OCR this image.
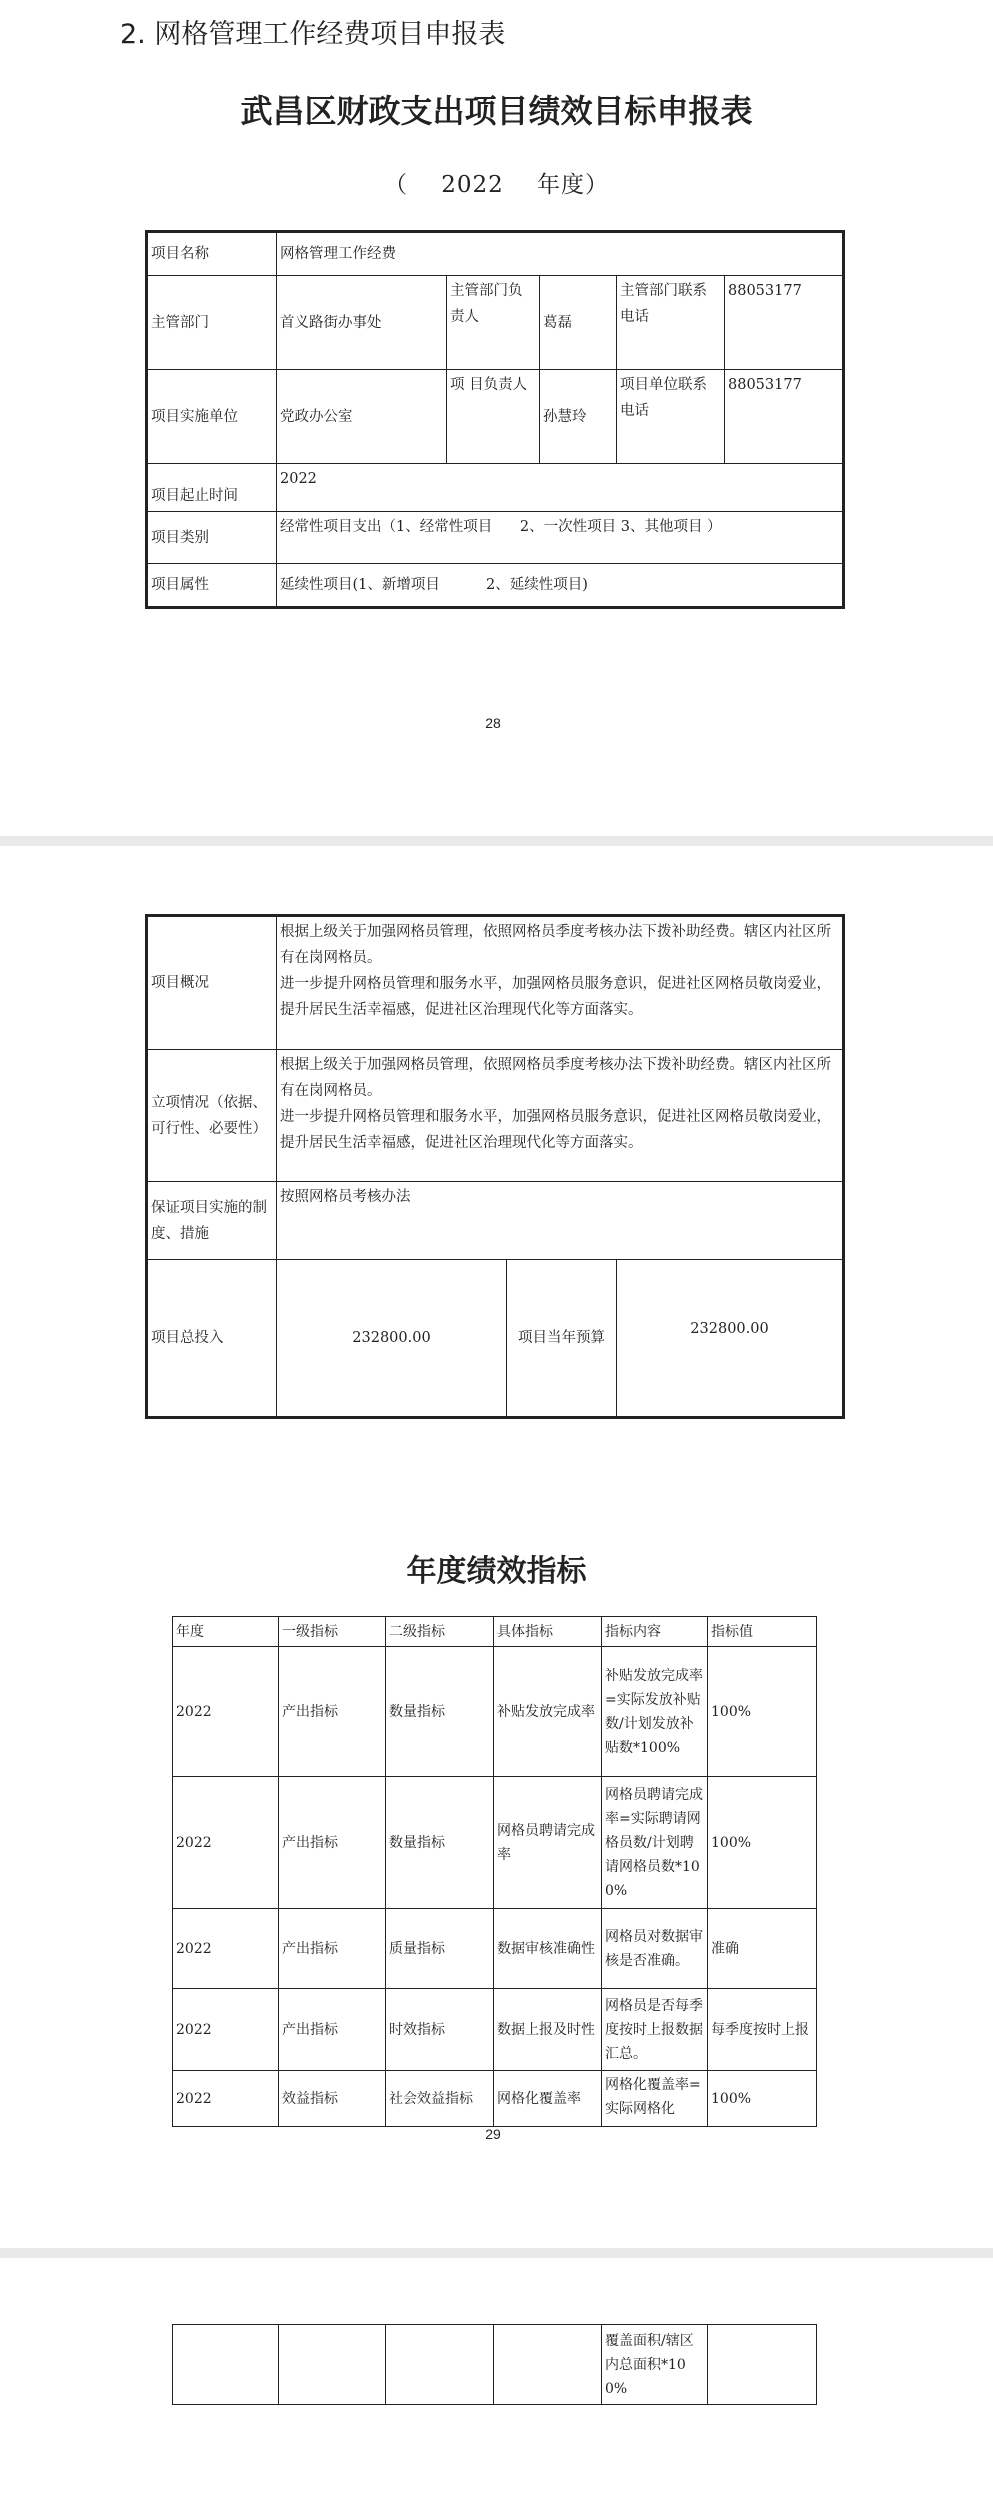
2. 网格管理工作经费项目申报表
武昌区财政支出项目绩效目标申报表
（    2022    年度）
项目名称	网格管理工作经费				
主管部门	首义路街办事处	主管部门负责人	葛磊	主管部门联系电话	88053177
项目实施单位	党政办公室	项 目负责人	孙慧玲	项目单位联系电话	88053177
项目起止时间	2022				
项目类别	经常性项目支出（1、经常性项目      2、一次性项目 3、其他项目 ）				
项目属性	延续性项目(1、新增项目          2、延续性项目)				
28
项目概况	根据上级关于加强网格员管理，依照网格员季度考核办法下拨补助经费。辖区内社区所有在岗网格员。
进一步提升网格员管理和服务水平，加强网格员服务意识，促进社区网格员敬岗爱业，提升居民生活幸福感，促进社区治理现代化等方面落实。		

立项情况（依据、可行性、必要性）	根据上级关于加强网格员管理，依照网格员季度考核办法下拨补助经费。辖区内社区所有在岗网格员。
进一步提升网格员管理和服务水平，加强网格员服务意识，促进社区网格员敬岗爱业，提升居民生活幸福感，促进社区治理现代化等方面落实。		

保证项目实施的制度、措施	按照网格员考核办法		
项目总投入	232800.00	项目当年预算	232800.00
年度绩效指标
年度	一级指标	二级指标	具体指标	指标内容	指标值
2022	产出指标	数量指标	补贴发放完成率	补贴发放完成率=实际发放补贴数/计划发放补贴数*100%	100%
2022	产出指标	数量指标	网格员聘请完成率	网格员聘请完成率=实际聘请网格员数/计划聘请网格员数*100%	100%
2022	产出指标	质量指标	数据审核准确性	网格员对数据审核是否准确。	准确
2022	产出指标	时效指标	数据上报及时性	网格员是否每季度按时上报数据汇总。	每季度按时上报
2022	效益指标	社会效益指标	网格化覆盖率	网格化覆盖率=实际网格化	100%
29
				覆盖面积/辖区内总面积*100%	
